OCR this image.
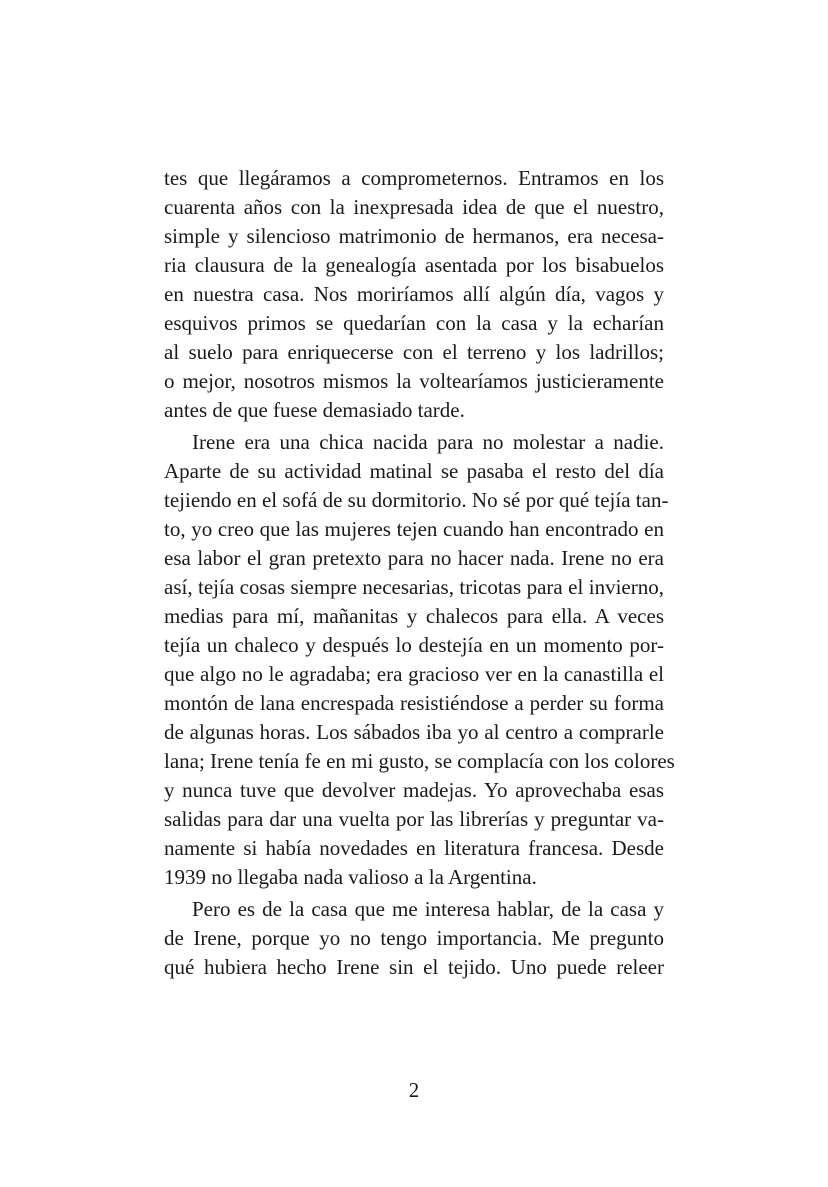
tes que llegáramos a comprometernos. Entramos en los
cuarenta años con la inexpresada idea de que el nuestro,
simple y silencioso matrimonio de hermanos, era necesa-
ria clausura de la genealogía asentada por los bisabuelos
en nuestra casa. Nos moriríamos allí algún día, vagos y
esquivos primos se quedarían con la casa y la echarían
al suelo para enriquecerse con el terreno y los ladrillos;
o mejor, nosotros mismos la voltearíamos justicieramente
antes de que fuese demasiado tarde.
Irene era una chica nacida para no molestar a nadie.
Aparte de su actividad matinal se pasaba el resto del día
tejiendo en el sofá de su dormitorio. No sé por qué tejía tan-
to, yo creo que las mujeres tejen cuando han encontrado en
esa labor el gran pretexto para no hacer nada. Irene no era
así, tejía cosas siempre necesarias, tricotas para el invierno,
medias para mí, mañanitas y chalecos para ella. A veces
tejía un chaleco y después lo destejía en un momento por-
que algo no le agradaba; era gracioso ver en la canastilla el
montón de lana encrespada resistiéndose a perder su forma
de algunas horas. Los sábados iba yo al centro a comprarle
lana; Irene tenía fe en mi gusto, se complacía con los colores
y nunca tuve que devolver madejas. Yo aprovechaba esas
salidas para dar una vuelta por las librerías y preguntar va-
namente si había novedades en literatura francesa. Desde
1939 no llegaba nada valioso a la Argentina.
Pero es de la casa que me interesa hablar, de la casa y
de Irene, porque yo no tengo importancia. Me pregunto
qué hubiera hecho Irene sin el tejido. Uno puede releer
2
